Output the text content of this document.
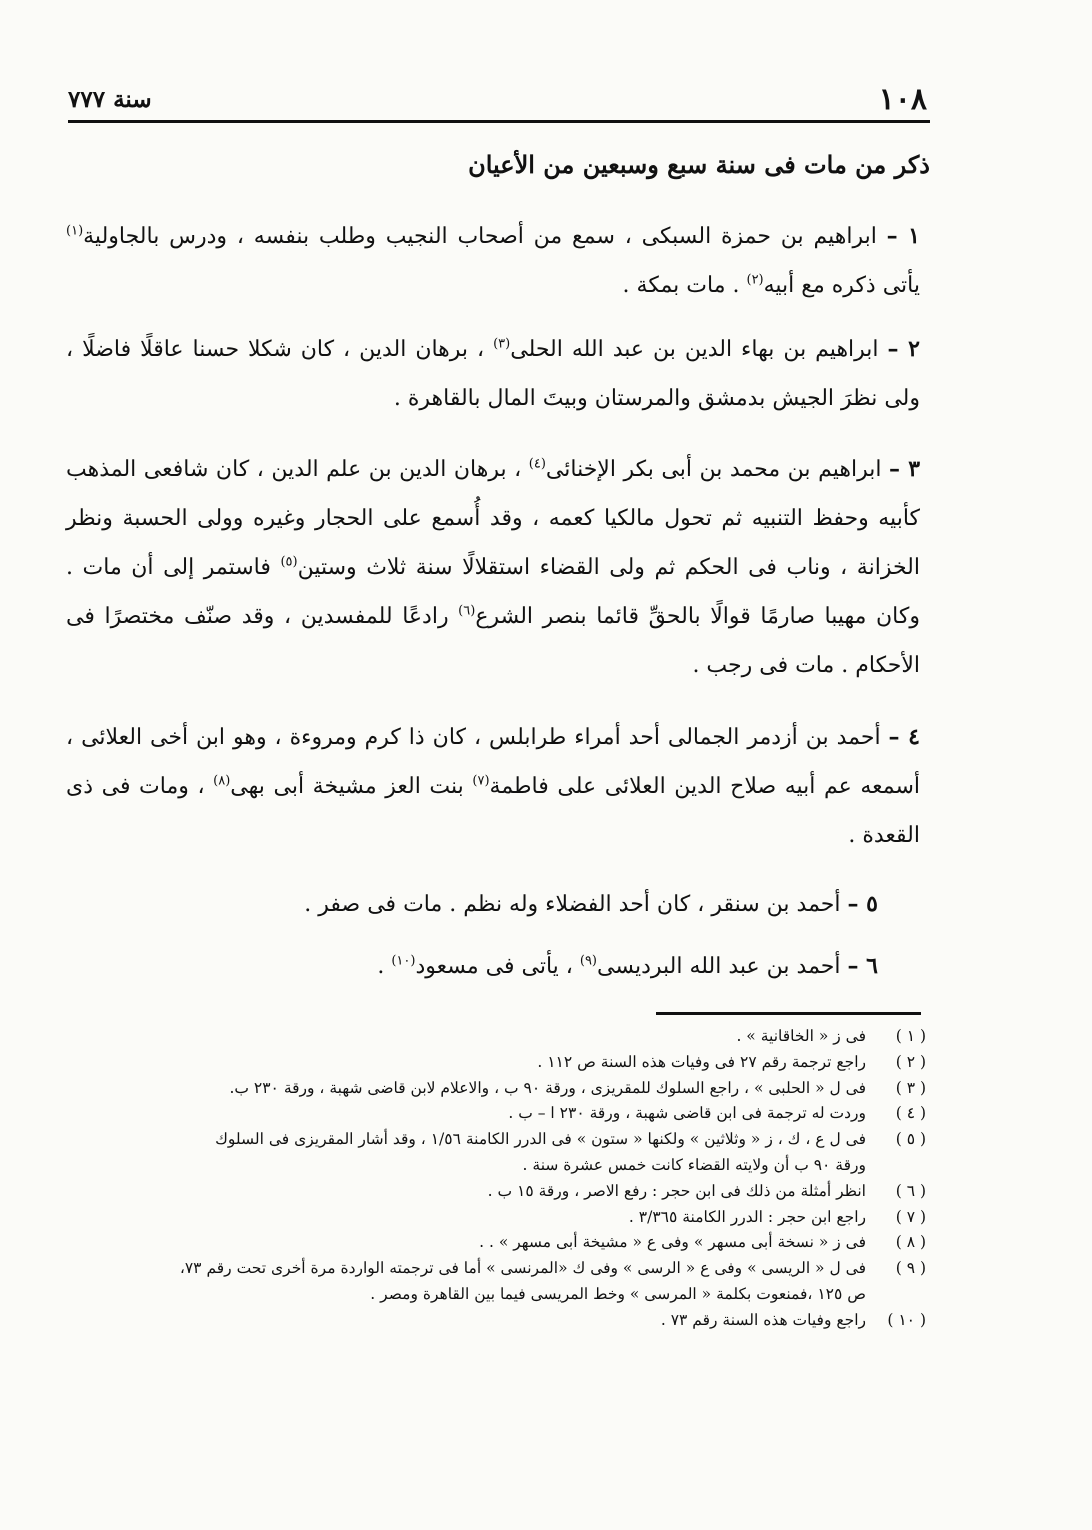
١٠٨
سنة ٧٧٧
ذكر من مات فى سنة سبع وسبعين من الأعيان
١ – ابراهيم بن حمزة السبكى ، سمع من أصحاب النجيب وطلب بنفسه ، ودرس بالجاولية$^{(١)}$ يأتى ذكره مع أبيه$^{(٢)}$ . مات بمكة .
٢ – ابراهيم بن بهاء الدين بن عبد الله الحلى$^{(٣)}$ ، برهان الدين ، كان شكلا حسنا عاقلًا فاضلًا ، ولى نظرَ الجيش بدمشق والمرستان وبيتَ المال بالقاهرة .
٣ – ابراهيم بن محمد بن أبى بكر الإخنائى$^{(٤)}$ ، برهان الدين بن علم الدين ، كان شافعى المذهب كأبيه وحفظ التنبيه ثم تحول مالكيا كعمه ، وقد أُسمع على الحجار وغيره وولى الحسبة ونظر الخزانة ، وناب فى الحكم ثم ولى القضاء استقلالًا سنة ثلاث وستين$^{(٥)}$ فاستمر إلى أن مات . وكان مهيبا صارمًا قوالًا بالحقِّ قائما بنصر الشرع$^{(٦)}$ رادعًا للمفسدين ، وقد صنّف مختصرًا فى الأحكام . مات فى رجب .
٤ – أحمد بن أزدمر الجمالى أحد أمراء طرابلس ، كان ذا كرم ومروءة ، وهو ابن أخى العلائى ، أسمعه عم أبيه صلاح الدين العلائى على فاطمة$^{(٧)}$ بنت العز مشيخة أبى بهى$^{(٨)}$ ، ومات فى ذى القعدة .
٥ – أحمد بن سنقر ، كان أحد الفضلاء وله نظم . مات فى صفر .
٦ – أحمد بن عبد الله البرديسى$^{(٩)}$ ، يأتى فى مسعود$^{(١٠)}$ .
( ١ )
فى ز « الخاقانية » .
( ٢ )
راجع ترجمة رقم ٢٧ فى وفيات هذه السنة ص ١١٢ .
( ٣ )
فى ل « الحلبى » ، راجع السلوك للمقريزى ، ورقة ٩٠ ب ، والاعلام لابن قاضى شهبة ، ورقة ٢٣٠ ب.
( ٤ )
وردت له ترجمة فى ابن قاضى شهبة ، ورقة ٢٣٠ ا – ب .
( ٥ )
فى ل ع ، ك ، ز « وثلاثين » ولكنها « ستون » فى الدرر الكامنة ١/٥٦ ، وقد أشار المقريزى فى السلوك
ورقة ٩٠ ب أن ولايته القضاء كانت خمس عشرة سنة .
( ٦ )
انظر أمثلة من ذلك فى ابن حجر : رفع الاصر ، ورقة ١٥ ب .
( ٧ )
راجع ابن حجر : الدرر الكامنة ٣/٣٦٥ .
( ٨ )
فى ز « نسخة أبى مسهر » وفى ع « مشيخة أبى مسهر » . .
( ٩ )
فى ل « الريسى » وفى ع « الرسى » وفى ك «المرنسى » أما فى ترجمته الواردة مرة أخرى تحت رقم ٧٣،
ص ١٢٥ ،فمنعوت بكلمة « المرسى » وخط المريسى فيما بين القاهرة ومصر .
( ١٠ )
راجع وفيات هذه السنة رقم ٧٣ .
